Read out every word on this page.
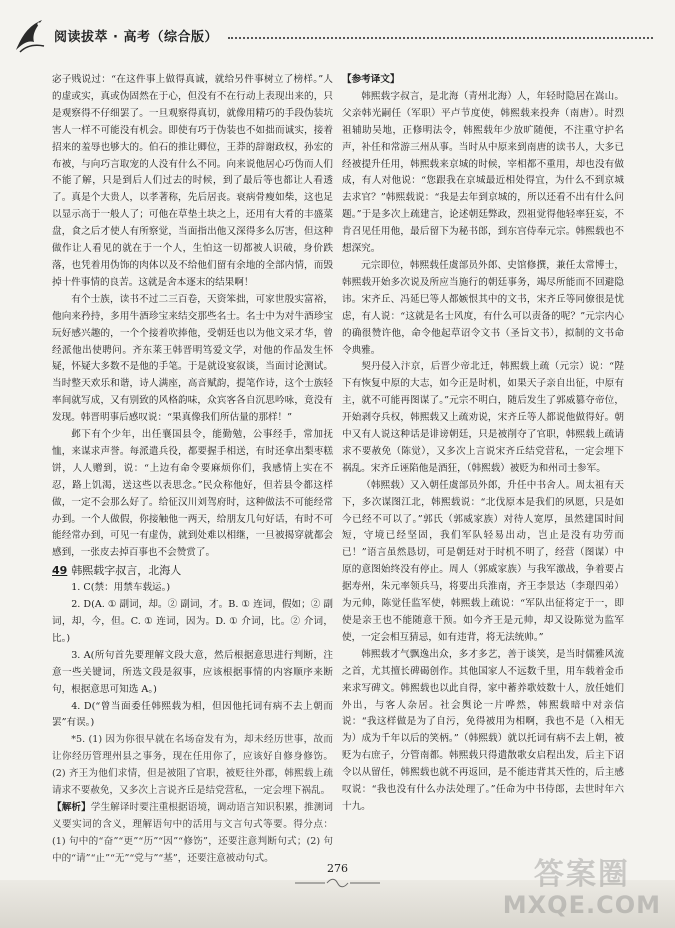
阅读拔萃 · 高考（综合版）

宓子贱说过：“在这件事上做得真诚，就给另件事树立了榜样。”人的虚或实，真或伪固然在于心，但没有不在行动上表现出来的，只是观察得不仔细罢了。一旦观察得真切，就像用精巧的手段伪装坑害人一样不可能没有机会。即使有巧于伪装也不如拙而诚实，接着招来的羞辱也够大的。伯石的推让卿位，王莽的辞谢政权，孙宏的布被，与向巧言取宠的人没有什么不同。向来说他居心巧伪而人们不能了解，只是到后人们过去的时候，到了最后等也都让人看透了。真是个大贵人，以孝著称，先后居丧。衰病骨瘦如柴，这也足以显示高于一般人了；可他在草垫土块之上，还用有大肴的丰盛菜盘，食之后才使人有所察觉，当面指出他又深得多么厉害，但这种做作让人看见的就在于一个人，生怕这一切都被人识破，身价跌落，也凭着用伪饰的肉体以及不给他们留有余地的全部内情，而毁掉十件事情的良苦。这就是舍本逐末的结果啊！

有个士族，读书不过二三百卷，天资笨拙，可家世殷实富裕，他向来矜持，多用牛酒珍宝来结交那些名士。名士中为对牛酒珍宝玩好感兴趣的，一个个接着吹捧他，受朝廷也以为他文采才华，曾经派他出使聘问。齐东莱王韩晋明笃爱文学，对他的作品发生怀疑，怀疑大多数不是他的手笔。于是就设宴叙谈，当面讨论测试。当时整天欢乐和谐，诗人满座，高音赋韵，提笔作诗，这个士族轻率间就写成，又有别致的风格韵味，众宾客各自沉思吟咏，竟没有发现。韩晋明事后感叹说：“果真像我们所估量的那样！”

邺下有个少年，出任襄国县令，能勤勉，公事经手，常加抚恤，来谋求声誉。每派遣兵役，都要握手相送，有时还拿出梨枣糕饼，人人赠到，说：“上边有命令要麻烦你们，我感情上实在不忍，路上饥渴，送这些以表思念。”民众称他好，但若县令都这样做，一定不会那么好了。给征汉川刘驾府时，这种做法不可能经常办到。一个人做假，你接触他一两天，给朋友几句好话，有时不可能经常办到，可见一有虚伪，就到处难以相继，一旦被揭穿就都会感到，一张皮去掉百事也不会赞赏了。

49 韩熙载字叔言，北海人

1. C(禁：用禁车载运。)

2. D(A. ① 副词，却。② 副词，才。B. ① 连词，假如；② 副词，却，今，但。C. ① 连词，因为。D. ① 介词，比。② 介词，比。)

3. A(所句首先要理解文段大意，然后根据意思进行判断，注意一些关键词，所选文段是叙事，应该根据事情的内容顺序来断句，根据意思可知选 A。)

4. D(“曾当面委任韩熙载为相，但因他托词有病不去上朝而罢”有误。)

*5. (1) 因为你很早就在名场奋发有为，却未经历世事，故而让你经历管理州县之事务，现在任用你了，应该好自修身修饬。(2) 齐王为他们求情，但是被阻了官职，被贬往外郡，韩熙载上疏请求不要赦免，又多次上言说齐丘是结党营私，一定会埋下祸乱。

【解析】学生解译时要注重根据语境，调动语言知识积累，推测词义要实词的含义，理解语句中的活用与文言句式等要。得分点：(1) 句中的“奋”“更”“历”“因”“修饬”，还要注意判断句式；(2) 句中的“请”“止”“无”“党与”“基”，还要注意被动句式。

【参考译文】

韩熙载字叔言，是北海（青州北海）人，年轻时隐居在嵩山。父亲韩光嗣任（军职）平卢节度使，韩熙载来投奔（南唐）。时烈祖辅助吴地，正修明法令，韩熙载年少放旷随便，不注重守护名声，补任和常游三州从事。当时从中原来到南唐的读书人，大多已经被提升任用，韩熙载来京城的时候，宰相都不重用，却也没有做成，有人对他说：“您跟我在京城最近相处得宜，为什么不到京城去求官？”韩熙载说：“我是去年到京城的，所以还看不出有什么问题。”于是多次上疏建言，论述朝廷弊政，烈祖觉得他轻率狂妄，不肯召见任用他，最后留下为秘书郎，到东宫侍奉元宗。韩熙载也不想深究。

元宗即位，韩熙载任虞部员外郎、史馆修撰，兼任太常博士，韩熙载开始多次说及所应当施行的朝廷事务，竭尽所能而不回避隐讳。宋齐丘、冯延巳等人都嫉恨其中的文书，宋齐丘等同僚很是忧虑，有人说：“这就是名士风度，有什么可以责备的呢？”元宗内心的确很赞许他，命令他起草诏令文书（圣旨文书），拟制的文书命令典雅。

契丹侵入汴京，后晋少帝北迁，韩熙载上疏（元宗）说：“陛下有恢复中原的大志，如今正是时机，如果天子亲自出征，中原有主，就不可能再图谋了。”元宗不明白，随后发生了郭威篡夺帝位，开始剥夺兵权，韩熙载又上疏劝说，宋齐丘等人都说他做得好。朝中又有人说这种话是诽谤朝廷，只是被削夺了官职，韩熙载上疏请求不要赦免（陈觉），又多次上言说宋齐丘结党营私，一定会埋下祸乱。宋齐丘诬陷他是酒狂，（韩熙载）被贬为和州司士参军。

（韩熙载）又入朝任虞部员外郎，升任中书舍人。周太祖有天下，多次谋图江北，韩熙载说：“北伐原本是我们的夙愿，只是如今已经不可以了。”郭氏（郭威家族）对待人宽厚，虽然建国时间短，守境已经坚固，我们军队轻易出动，岂止是没有功劳而已！”语言虽然恳切，可是朝廷对于时机不明了，经营（图谋）中原的意图始终没有停止。周人（郭威家族）与我军激战，争着要占据寿州，朱元率领兵马，将要出兵淮南，齐王李景达（李璟四弟）为元帅，陈觉任监军使，韩熙载上疏说：“军队出征将定于一，即使是亲王也不能随意干预。如今齐王是元帅，却又设陈觉为监军使，一定会相互猜忌，如有违背，将无法统帅。”

韩熙载才气飘逸出众，多才多艺，善于谈笑，是当时儒雅风流之首，尤其擅长碑碣创作。其他国家人不远数千里，用车载着金币来求写碑文。韩熙载也以此自得，家中蓄养歌妓数十人，放任她们外出，与客人杂居。社会舆论一片哗然，韩熙载暗中对亲信说：“我这样做是为了自污，免得被用为相啊，我也不是（入相无为）成为千年以后的笑柄。”（韩熙载）就以托词有病不去上朝，被贬为右庶子，分管南都。韩熙载只得遣散歌女启程出发，后主下诏令以从留任，韩熙载也就不再返回，是不能违背其天性的，后主感叹说：“我也没有什么办法处理了。”任命为中书侍郎，去世时年六十九。

276	答案圈
MXQE.COM
